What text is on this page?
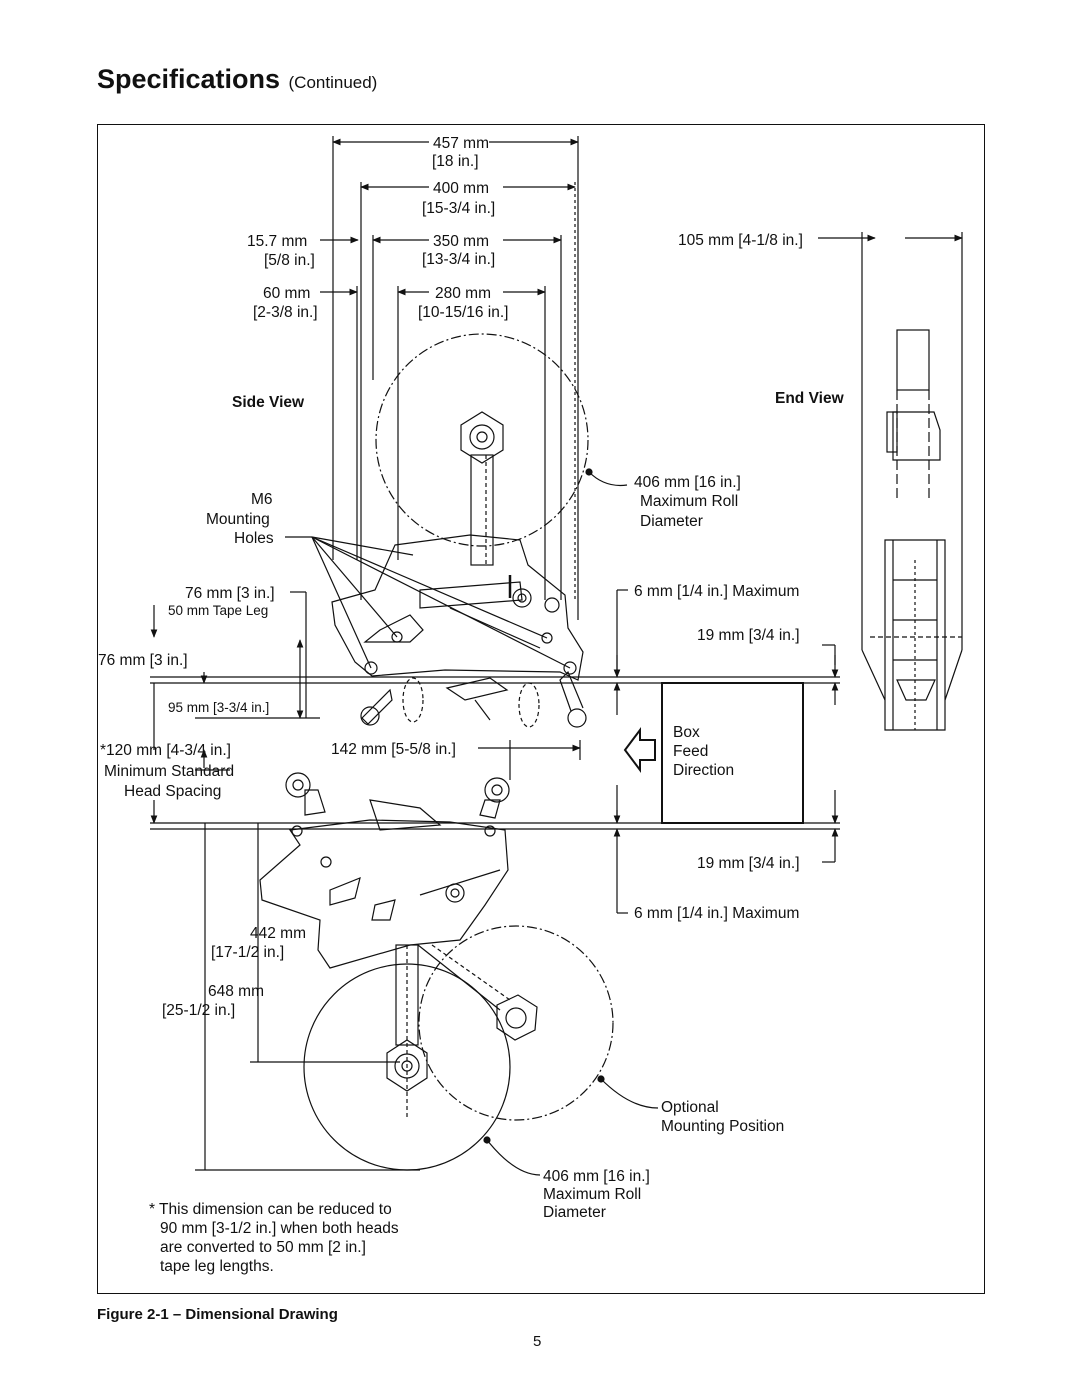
Specifications (Continued)
457 mm
[18 in.]
400 mm
[15-3/4 in.]
15.7 mm
[5/8 in.]
350 mm
[13-3/4 in.]
60 mm
[2-3/8 in.]
280 mm
[10-15/16 in.]
105 mm [4-1/8 in.]
Side View	End View
406 mm [16 in.]
Maximum Roll
Diameter
M6
Mounting
Holes
76 mm [3 in.]
50 mm Tape Leg
76 mm [3 in.]
95 mm [3-3/4 in.]
*120 mm [4-3/4 in.]
Minimum Standard
Head Spacing
142 mm [5-5/8 in.]
6 mm [1/4 in.] Maximum
19 mm [3/4 in.]
Box
Feed
Direction
19 mm [3/4 in.]
6 mm [1/4 in.] Maximum
442 mm
[17-1/2 in.]
648 mm
[25-1/2 in.]
Optional
Mounting Position
406 mm [16 in.]
Maximum Roll
Diameter
* This dimension can be reduced to
90 mm [3-1/2 in.] when both heads
are converted to 50 mm [2 in.]
tape leg lengths.
Figure 2-1 – Dimensional Drawing
5
